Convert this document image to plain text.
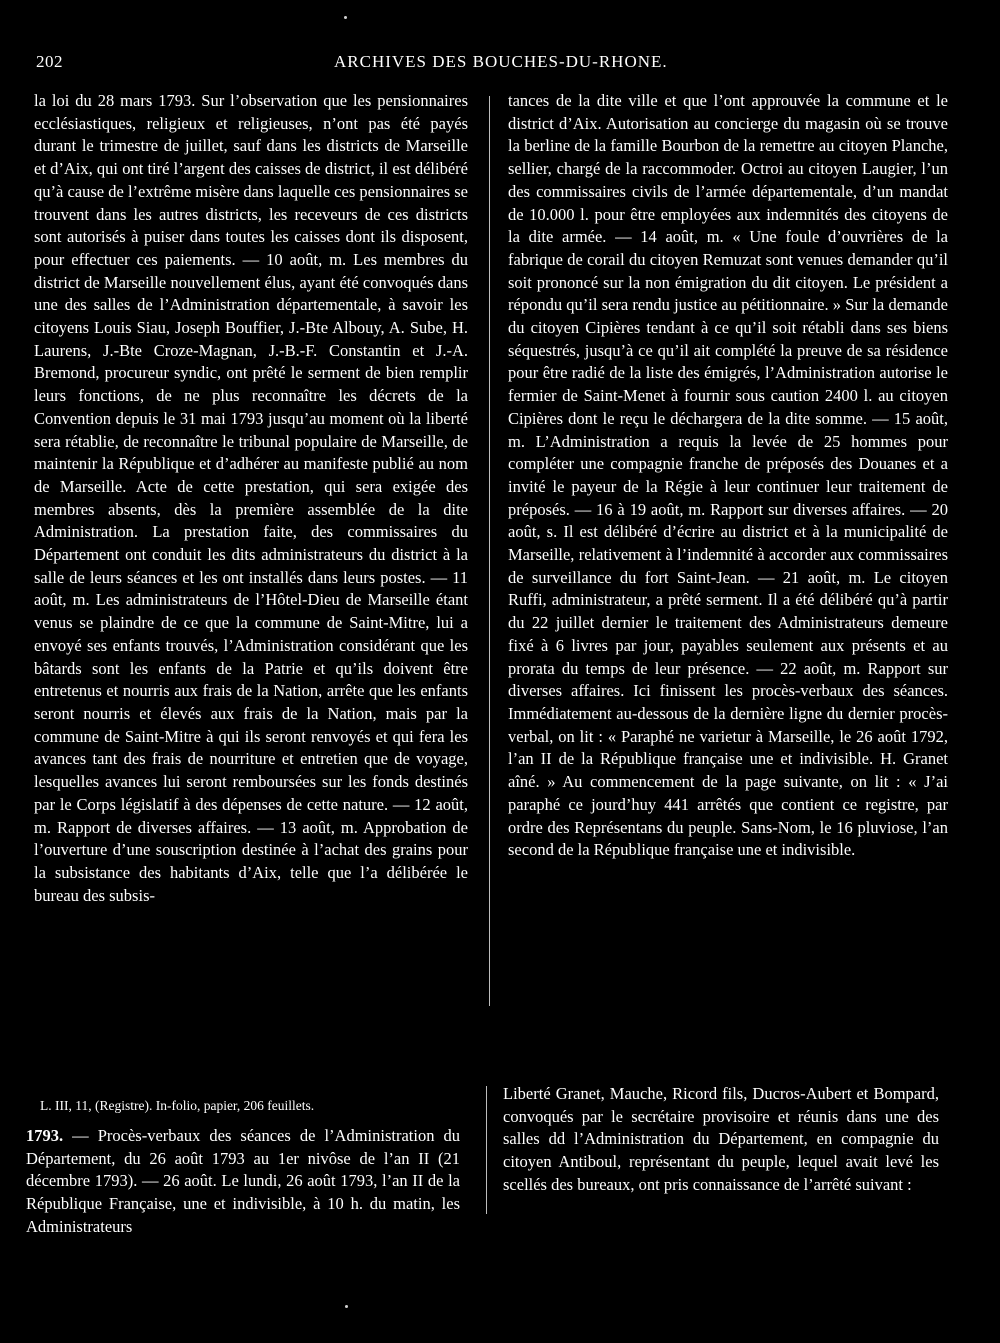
202	ARCHIVES DES BOUCHES-DU-RHONE.

la loi du 28 mars 1793. Sur l’observation que les pensionnaires ecclésiastiques, religieux et religieuses, n’ont pas été payés durant le trimestre de juillet, sauf dans les districts de Marseille et d’Aix, qui ont tiré l’argent des caisses de district, il est délibéré qu’à cause de l’extrême misère dans laquelle ces pensionnaires se trouvent dans les autres districts, les receveurs de ces districts sont autorisés à puiser dans toutes les caisses dont ils disposent, pour effectuer ces paiements. — 10 août, m. Les membres du district de Marseille nouvellement élus, ayant été convoqués dans une des salles de l’Administration départementale, à savoir les citoyens Louis Siau, Joseph Bouffier, J.-Bte Albouy, A. Sube, H. Laurens, J.-Bte Croze-Magnan, J.-B.-F. Constantin et J.-A. Bremond, procureur syndic, ont prêté le serment de bien remplir leurs fonctions, de ne plus reconnaître les décrets de la Convention depuis le 31 mai 1793 jusqu’au moment où la liberté sera rétablie, de reconnaître le tribunal populaire de Marseille, de maintenir la République et d’adhérer au manifeste publié au nom de Marseille. Acte de cette prestation, qui sera exigée des membres absents, dès la première assemblée de la dite Administration. La prestation faite, des commissaires du Département ont conduit les dits administrateurs du district à la salle de leurs séances et les ont installés dans leurs postes. — 11 août, m. Les administrateurs de l’Hôtel-Dieu de Marseille étant venus se plaindre de ce que la commune de Saint-Mitre, lui a envoyé ses enfants trouvés, l’Administration considérant que les bâtards sont les enfants de la Patrie et qu’ils doivent être entretenus et nourris aux frais de la Nation, arrête que les enfants seront nourris et élevés aux frais de la Nation, mais par la commune de Saint-Mitre à qui ils seront renvoyés et qui fera les avances tant des frais de nourriture et entretien que de voyage, lesquelles avances lui seront remboursées sur les fonds destinés par le Corps législatif à des dépenses de cette nature. — 12 août, m. Rapport de diverses affaires. — 13 août, m. Approbation de l’ouverture d’une souscription destinée à l’achat des grains pour la subsistance des habitants d’Aix, telle que l’a délibérée le bureau des subsis-

tances de la dite ville et que l’ont approuvée la commune et le district d’Aix. Autorisation au concierge du magasin où se trouve la berline de la famille Bourbon de la remettre au citoyen Planche, sellier, chargé de la raccommoder. Octroi au citoyen Laugier, l’un des commissaires civils de l’armée départementale, d’un mandat de 10.000 l. pour être employées aux indemnités des citoyens de la dite armée. — 14 août, m. « Une foule d’ouvrières de la fabrique de corail du citoyen Remuzat sont venues demander qu’il soit prononcé sur la non émigration du dit citoyen. Le président a répondu qu’il sera rendu justice au pétitionnaire. » Sur la demande du citoyen Cipières tendant à ce qu’il soit rétabli dans ses biens séquestrés, jusqu’à ce qu’il ait complété la preuve de sa résidence pour être radié de la liste des émigrés, l’Administration autorise le fermier de Saint-Menet à fournir sous caution 2400 l. au citoyen Cipières dont le reçu le déchargera de la dite somme. — 15 août, m. L’Administration a requis la levée de 25 hommes pour compléter une compagnie franche de préposés des Douanes et a invité le payeur de la Régie à leur continuer leur traitement de préposés. — 16 à 19 août, m. Rapport sur diverses affaires. — 20 août, s. Il est délibéré d’écrire au district et à la municipalité de Marseille, relativement à l’indemnité à accorder aux commissaires de surveillance du fort Saint-Jean. — 21 août, m. Le citoyen Ruffi, administrateur, a prêté serment. Il a été délibéré qu’à partir du 22 juillet dernier le traitement des Administrateurs demeure fixé à 6 livres par jour, payables seulement aux présents et au prorata du temps de leur présence. — 22 août, m. Rapport sur diverses affaires. Ici finissent les procès-verbaux des séances. Immédiatement au-dessous de la dernière ligne du dernier procès-verbal, on lit : « Paraphé ne varietur à Marseille, le 26 août 1792, l’an II de la République française une et indivisible. H. Granet aîné. » Au commencement de la page suivante, on lit : « J’ai paraphé ce jourd’huy 441 arrêtés que contient ce registre, par ordre des Représentans du peuple. Sans-Nom, le 16 pluviose, l’an second de la République française une et indivisible.

L. III, 11, (Registre). In-folio, papier, 206 feuillets.

1793. — Procès-verbaux des séances de l’Administration du Département, du 26 août 1793 au 1er nivôse de l’an II (21 décembre 1793). — 26 août. Le lundi, 26 août 1793, l’an II de la République Française, une et indivisible, à 10 h. du matin, les Administrateurs

Liberté Granet, Mauche, Ricord fils, Ducros-Aubert et Bompard, convoqués par le secrétaire provisoire et réunis dans une des salles dd l’Administration du Département, en compagnie du citoyen Antiboul, représentant du peuple, lequel avait levé les scellés des bureaux, ont pris connaissance de l’arrêté suivant :
